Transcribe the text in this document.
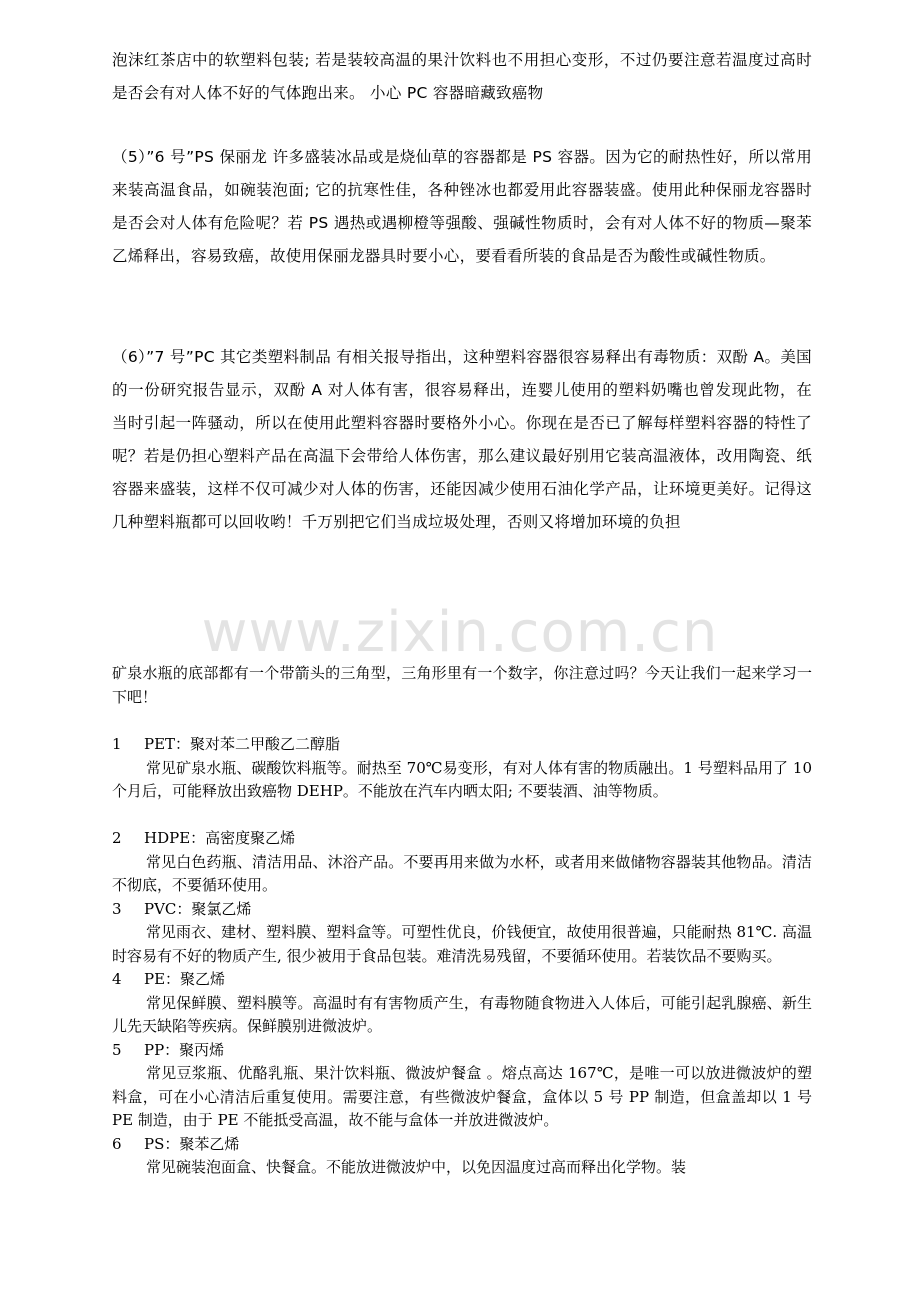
泡沫红茶店中的软塑料包装; 若是装较高温的果汁饮料也不用担心变形，不过仍要注意若温度过高时是否会有对人体不好的气体跑出来。 小心 PC 容器暗藏致癌物

（5）”6 号”PS 保丽龙 许多盛装冰品或是烧仙草的容器都是 PS 容器。因为它的耐热性好，所以常用来装高温食品，如碗装泡面; 它的抗寒性佳，各种锉冰也都爱用此容器装盛。使用此种保丽龙容器时是否会对人体有危险呢？若 PS 遇热或遇柳橙等强酸、强碱性物质时，会有对人体不好的物质—聚苯乙烯释出，容易致癌，故使用保丽龙器具时要小心，要看看所装的食品是否为酸性或碱性物质。

（6）”7 号”PC 其它类塑料制品 有相关报导指出，这种塑料容器很容易释出有毒物质：双酚 A。美国的一份研究报告显示，双酚 A 对人体有害，很容易释出，连婴儿使用的塑料奶嘴也曾发现此物，在当时引起一阵骚动，所以在使用此塑料容器时要格外小心。你现在是否已了解每样塑料容器的特性了呢？若是仍担心塑料产品在高温下会带给人体伤害，那么建议最好别用它装高温液体，改用陶瓷、纸容器来盛装，这样不仅可减少对人体的伤害，还能因减少使用石油化学产品，让环境更美好。记得这几种塑料瓶都可以回收哟！千万别把它们当成垃圾处理，否则又将增加环境的负担

www.zixin.com.cn

矿泉水瓶的底部都有一个带箭头的三角型，三角形里有一个数字，你注意过吗？今天让我们一起来学习一下吧！

1	PET：聚对苯二甲酸乙二醇脂
常见矿泉水瓶、碳酸饮料瓶等。耐热至 70℃易变形，有对人体有害的物质融出。1 号塑料品用了 10 个月后，可能释放出致癌物 DEHP。不能放在汽车内晒太阳; 不要装酒、油等物质。
2	HDPE：高密度聚乙烯
常见白色药瓶、清洁用品、沐浴产品。不要再用来做为水杯，或者用来做储物容器装其他物品。清洁不彻底，不要循环使用。
3	PVC：聚氯乙烯
常见雨衣、建材、塑料膜、塑料盒等。可塑性优良，价钱便宜，故使用很普遍，只能耐热 81℃. 高温时容易有不好的物质产生, 很少被用于食品包装。难清洗易残留，不要循环使用。若装饮品不要购买。
4	PE：聚乙烯
常见保鲜膜、塑料膜等。高温时有有害物质产生，有毒物随食物进入人体后，可能引起乳腺癌、新生儿先天缺陷等疾病。保鲜膜别进微波炉。
5	PP：聚丙烯
常见豆浆瓶、优酪乳瓶、果汁饮料瓶、微波炉餐盒 。熔点高达 167℃，是唯一可以放进微波炉的塑料盒，可在小心清洁后重复使用。需要注意，有些微波炉餐盒，盒体以 5 号 PP 制造，但盒盖却以 1 号 PE 制造，由于 PE 不能抵受高温，故不能与盒体一并放进微波炉。
6	PS：聚苯乙烯
常见碗装泡面盒、快餐盒。不能放进微波炉中，以免因温度过高而释出化学物。装
